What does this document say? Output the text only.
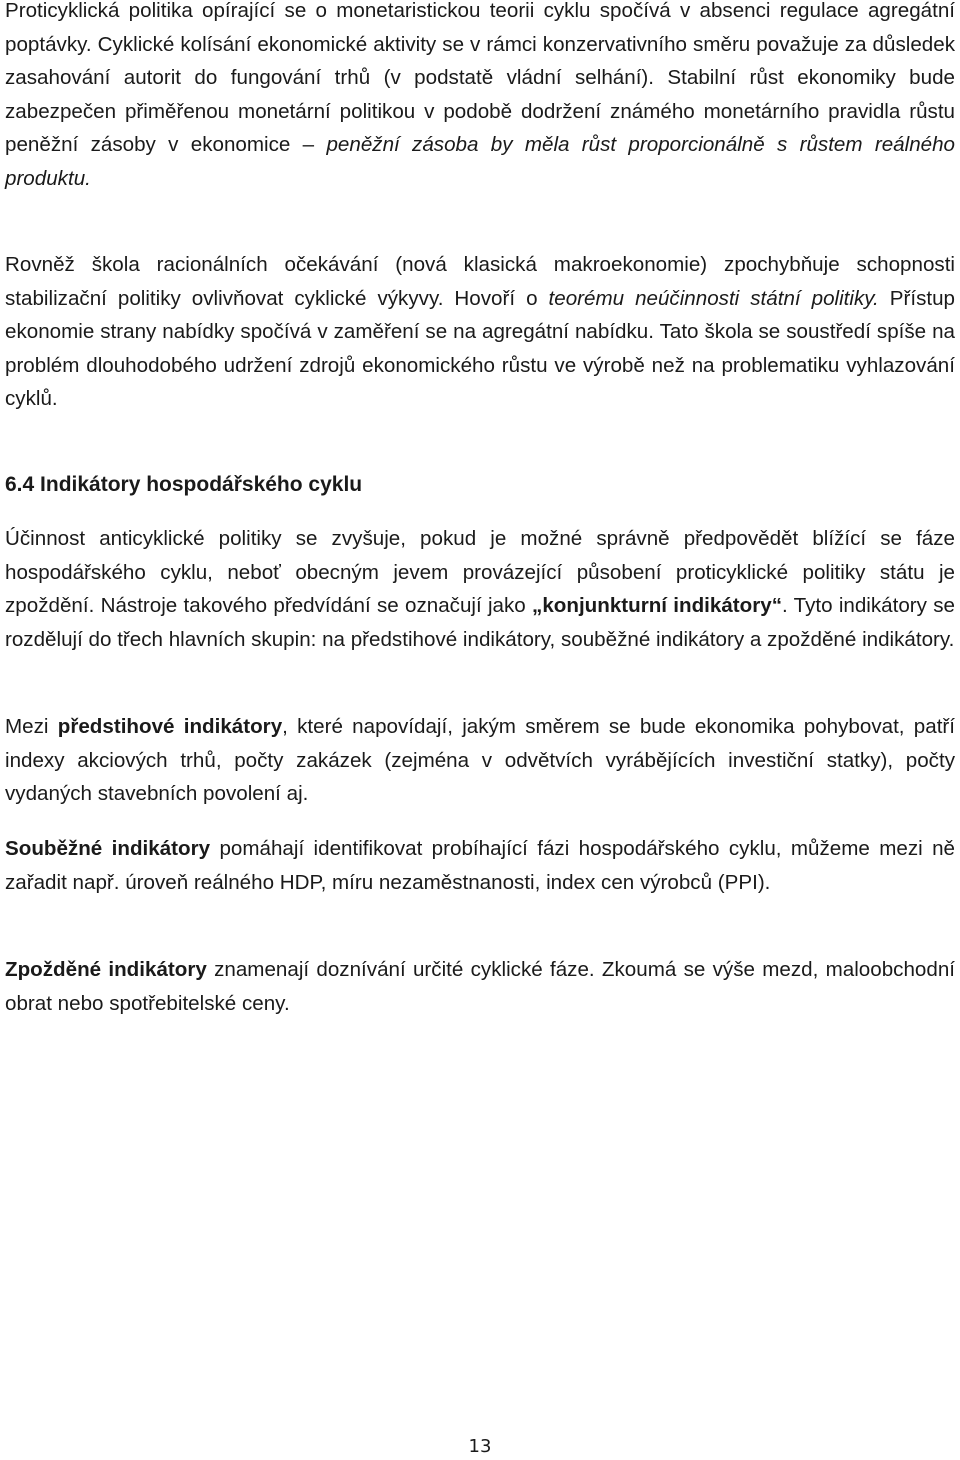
Proticyklická politika opírající se o monetaristickou teorii cyklu spočívá v absenci regulace agregátní poptávky. Cyklické kolísání ekonomické aktivity se v rámci konzervativního směru považuje za důsledek zasahování autorit do fungování trhů (v podstatě vládní selhání). Stabilní růst ekonomiky bude zabezpečen přiměřenou monetární politikou v podobě dodržení známého monetárního pravidla růstu peněžní zásoby v ekonomice – peněžní zásoba by měla růst proporcionálně s růstem reálného produktu.

Rovněž škola racionálních očekávání (nová klasická makroekonomie) zpochybňuje schopnosti stabilizační politiky ovlivňovat cyklické výkyvy. Hovoří o teorému neúčinnosti státní politiky. Přístup ekonomie strany nabídky spočívá v zaměření se na agregátní nabídku. Tato škola se soustředí spíše na problém dlouhodobého udržení zdrojů ekonomického růstu ve výrobě než na problematiku vyhlazování cyklů.

6.4 Indikátory hospodářského cyklu

Účinnost anticyklické politiky se zvyšuje, pokud je možné správně předpovědět blížící se fáze hospodářského cyklu, neboť obecným jevem provázející působení proticyklické politiky státu je zpoždění. Nástroje takového předvídání se označují jako „konjunkturní indikátory“. Tyto indikátory se rozdělují do třech hlavních skupin: na předstihové indikátory, souběžné indikátory a zpožděné indikátory.

Mezi předstihové indikátory, které napovídají, jakým směrem se bude ekonomika pohybovat, patří indexy akciových trhů, počty zakázek (zejména v odvětvích vyrábějících investiční statky), počty vydaných stavebních povolení aj.

Souběžné indikátory pomáhají identifikovat probíhající fázi hospodářského cyklu, můžeme mezi ně zařadit např. úroveň reálného HDP, míru nezaměstnanosti, index cen výrobců (PPI).

Zpožděné indikátory znamenají doznívání určité cyklické fáze. Zkoumá se výše mezd, maloobchodní obrat nebo spotřebitelské ceny.

13
